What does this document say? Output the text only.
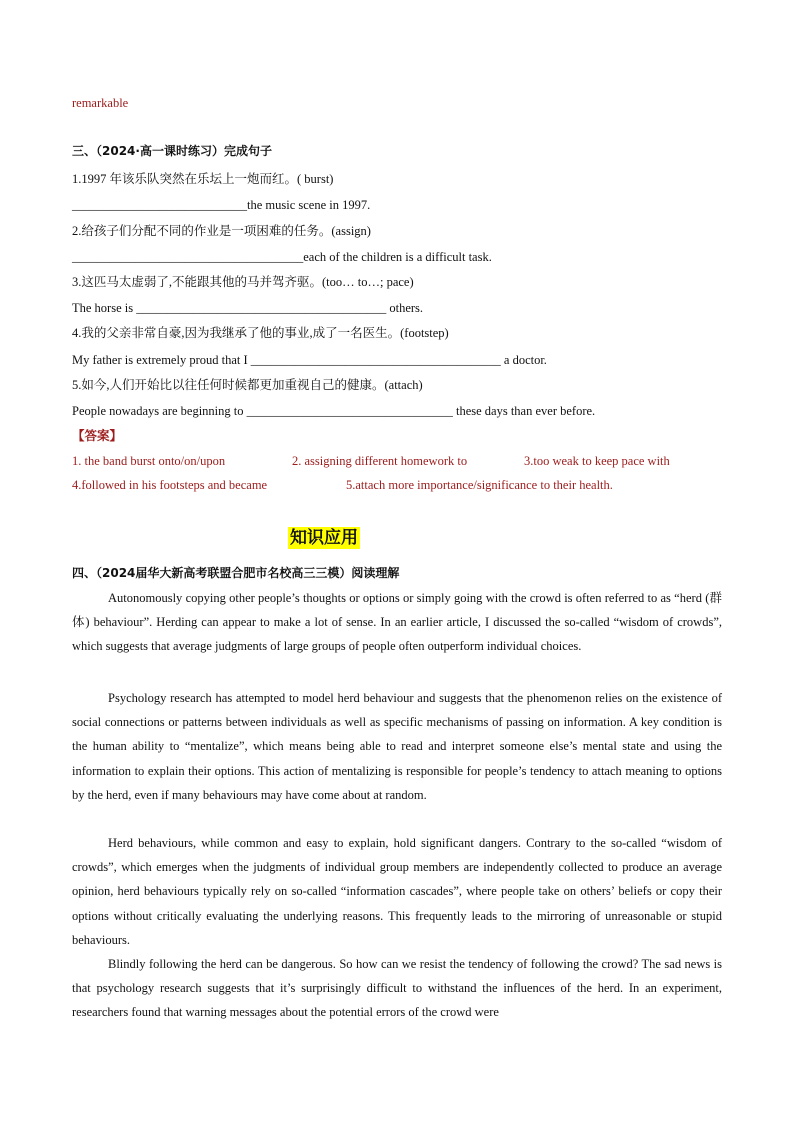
remarkable
三、（2024·高一课时练习）完成句子
1.1997 年该乐队突然在乐坛上一炮而红。( burst)
____________________________the music scene in 1997.
2.给孩子们分配不同的作业是一项困难的任务。(assign)
_____________________________________each of the children is a difficult task.
3.这匹马太虚弱了,不能跟其他的马并驾齐驱。(too… to…; pace)
The horse is ________________________________________ others.
4.我的父亲非常自豪,因为我继承了他的事业,成了一名医生。(footstep)
My father is extremely proud that I ________________________________________ a doctor.
5.如今,人们开始比以往任何时候都更加重视自己的健康。(attach)
People nowadays are beginning to _________________________________ these days than ever before.
【答案】
1. the band burst onto/on/upon	2. assigning different homework to	3.too weak to keep pace with
4.followed in his footsteps and became	5.attach more importance/significance to their health.
四、（2024届华大新高考联盟合肥市名校高三三模）阅读理解
Autonomously copying other people’s thoughts or options or simply going with the crowd is often referred to as “herd (群体) behaviour”. Herding can appear to make a lot of sense. In an earlier article, I discussed the so-called “wisdom of crowds”, which suggests that average judgments of large groups of people often outperform individual choices.
Psychology research has attempted to model herd behaviour and suggests that the phenomenon relies on the existence of social connections or patterns between individuals as well as specific mechanisms of passing on information. A key condition is the human ability to “mentalize”, which means being able to read and interpret someone else’s mental state and using the information to explain their options. This action of mentalizing is responsible for people’s tendency to attach meaning to options by the herd, even if many behaviours may have come about at random.
Herd behaviours, while common and easy to explain, hold significant dangers. Contrary to the so-called “wisdom of crowds”, which emerges when the judgments of individual group members are independently collected to produce an average opinion, herd behaviours typically rely on so-called “information cascades”, where people take on others’ beliefs or copy their options without critically evaluating the underlying reasons. This frequently leads to the mirroring of unreasonable or stupid behaviours.
Blindly following the herd can be dangerous. So how can we resist the tendency of following the crowd? The sad news is that psychology research suggests that it’s surprisingly difficult to withstand the influences of the herd. In an experiment, researchers found that warning messages about the potential errors of the crowd were
知识应用
